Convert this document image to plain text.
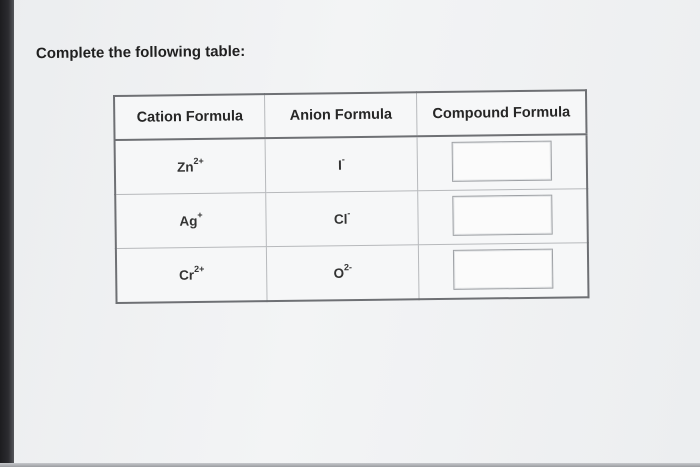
Complete the following table:
Cation Formula	Anion Formula	Compound Formula
$Zn^{2+}$	I-	
Ag+	Cl-	
$Cr^{2+}$	$O^{2-}$	
